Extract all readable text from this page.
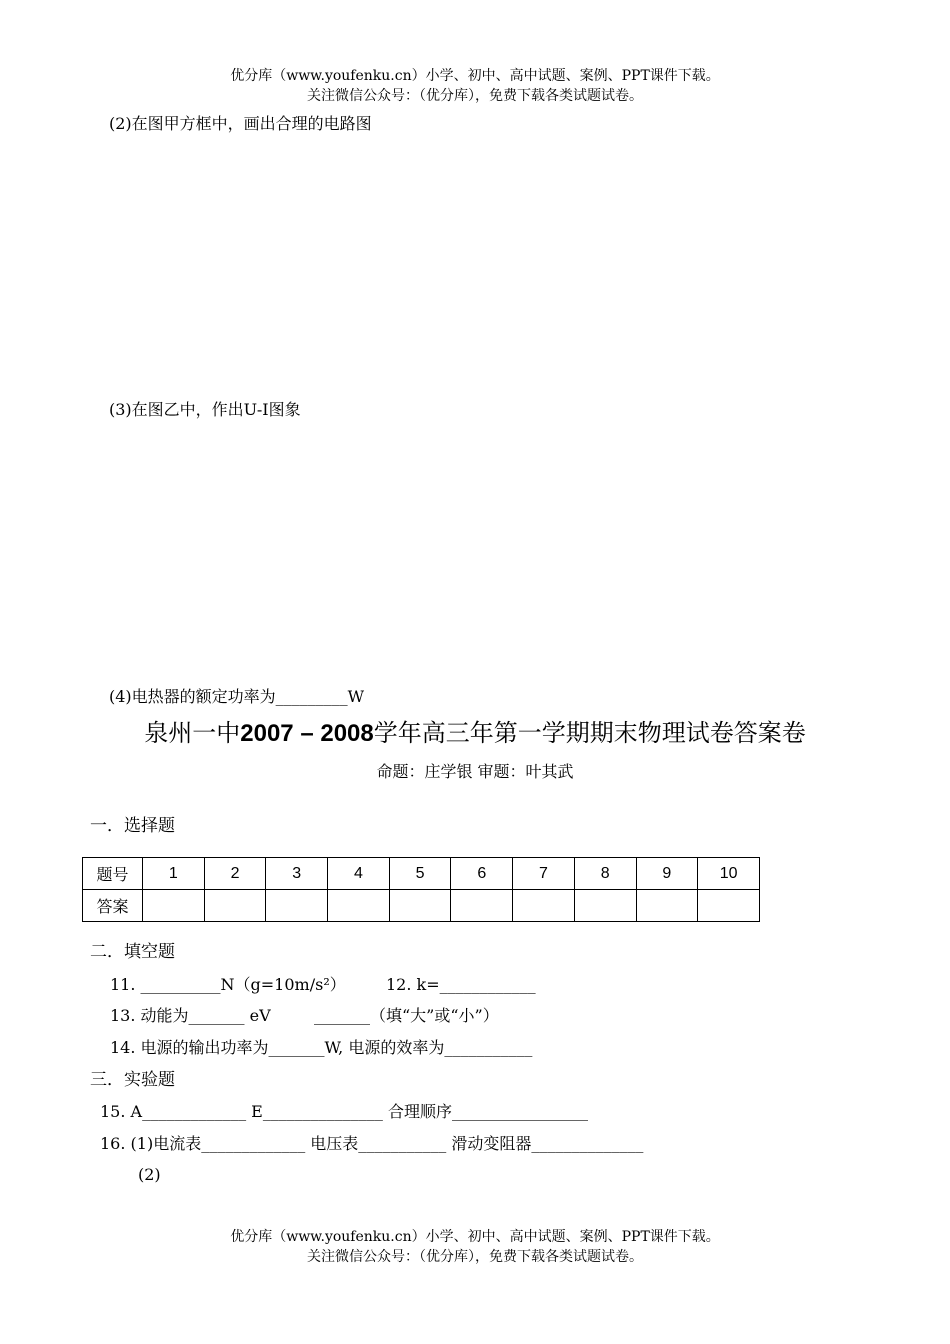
优分库（www.youfenku.cn）小学、初中、高中试题、案例、PPT课件下载。
关注微信公众号：（优分库），免费下载各类试题试卷。
(2)在图甲方框中，画出合理的电路图
(3)在图乙中，作出U-I图象
(4)电热器的额定功率为_________W
泉州一中2007 – 2008学年高三年第一学期期末物理试卷答案卷
命题：庄学银 审题：叶其武
一．选择题
题号	1	2	3	4	5	6	7	8	9	10
答案										
二．填空题
11. __________N（g=10m/s²）	12. k=____________
13. 动能为_______ eV	_______（填“大”或“小”）
14. 电源的输出功率为_______W, 电源的效率为___________
三．实验题
15. A_____________ E_______________ 合理顺序_________________
16. (1)电流表_____________ 电压表___________ 滑动变阻器______________
(2)
优分库（www.youfenku.cn）小学、初中、高中试题、案例、PPT课件下载。
关注微信公众号：（优分库），免费下载各类试题试卷。
